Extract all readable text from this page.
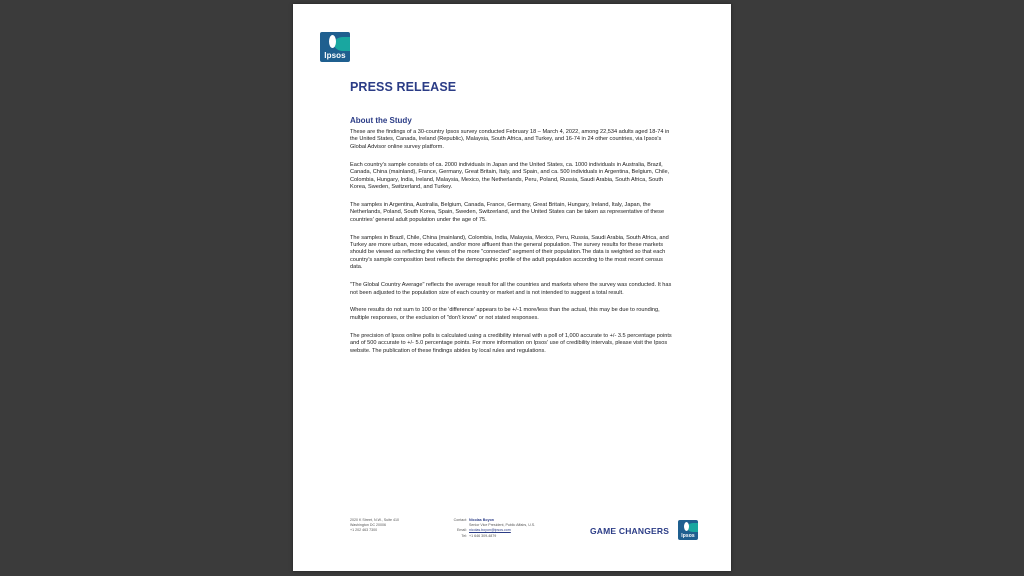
Ipsos
PRESS RELEASE
About the Study

These are the findings of a 30-country Ipsos survey conducted February 18 – March 4, 2022, among 22,534 adults aged 18-74 in the United States, Canada, Ireland (Republic), Malaysia, South Africa, and Turkey, and 16-74 in 24 other countries, via Ipsos's Global Advisor online survey platform.

Each country's sample consists of ca. 2000 individuals in Japan and the United States, ca. 1000 individuals in Australia, Brazil, Canada, China (mainland), France, Germany, Great Britain, Italy, and Spain, and ca. 500 individuals in Argentina, Belgium, Chile, Colombia, Hungary, India, Ireland, Malaysia, Mexico, the Netherlands, Peru, Poland, Russia, Saudi Arabia, South Africa, South Korea, Sweden, Switzerland, and Turkey.

The samples in Argentina, Australia, Belgium, Canada, France, Germany, Great Britain, Hungary, Ireland, Italy, Japan, the Netherlands, Poland, South Korea, Spain, Sweden, Switzerland, and the United States can be taken as representative of these countries' general adult population under the age of 75.

The samples in Brazil, Chile, China (mainland), Colombia, India, Malaysia, Mexico, Peru, Russia, Saudi Arabia, South Africa, and Turkey are more urban, more educated, and/or more affluent than the general population. The survey results for these markets should be viewed as reflecting the views of the more "connected" segment of their population.The data is weighted so that each country's sample composition best reflects the demographic profile of the adult population according to the most recent census data.

"The Global Country Average" reflects the average result for all the countries and markets where the survey was conducted. It has not been adjusted to the population size of each country or market and is not intended to suggest a total result.

Where results do not sum to 100 or the 'difference' appears to be +/-1 more/less than the actual, this may be due to rounding, multiple responses, or the exclusion of "don't know" or not stated responses.

The precision of Ipsos online polls is calculated using a credibility interval with a poll of 1,000 accurate to +/- 3.5 percentage points and of 500 accurate to +/- 5.0 percentage points. For more information on Ipsos' use of credibility intervals, please visit the Ipsos website. The publication of these findings abides by local rules and regulations.

2020 K Street, N.W., Suite 410
Washington DC 20006
+1 202 463 7300
Contact: Nicolas Boyon
Senior Vice President, Public Affairs, U.S.
Email: nicolas.boyon@ipsos.com
Tel: +1 646 309-4879	GAME CHANGERS	Ipsos
